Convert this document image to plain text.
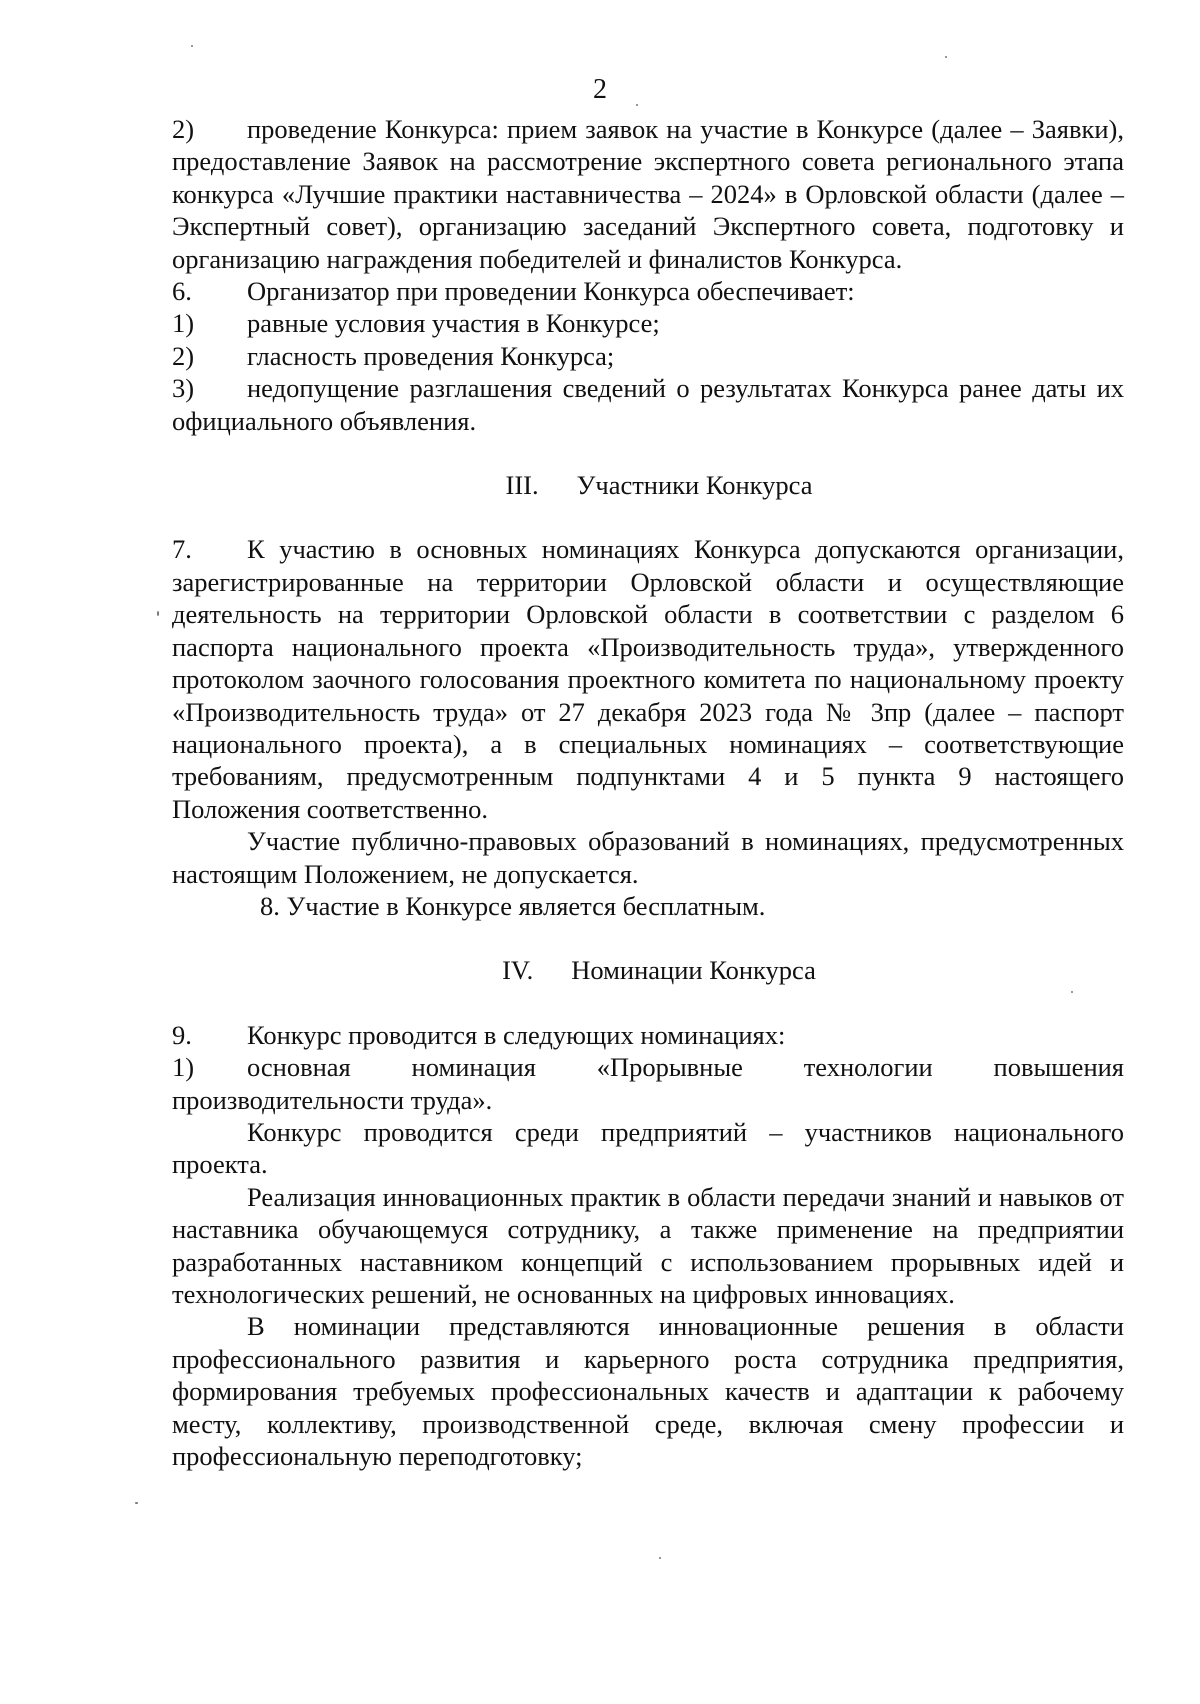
2

2) проведение Конкурса: прием заявок на участие в Конкурсе (далее – Заявки), предоставление Заявок на рассмотрение экспертного совета регионального этапа конкурса «Лучшие практики наставничества – 2024» в Орловской области (далее – Экспертный совет), организацию заседаний Экспертного совета, подготовку и организацию награждения победителей и финалистов Конкурса.

6. Организатор при проведении Конкурса обеспечивает:

1) равные условия участия в Конкурсе;

2) гласность проведения Конкурса;

3) недопущение разглашения сведений о результатах Конкурса ранее даты их официального объявления.

III. Участники Конкурса

7. К участию в основных номинациях Конкурса допускаются организации, зарегистрированные на территории Орловской области и осуществляющие деятельность на территории Орловской области в соответствии с разделом 6 паспорта национального проекта «Производительность труда», утвержденного протоколом заочного голосования проектного комитета по национальному проекту «Производительность труда» от 27 декабря 2023 года № 3пр (далее – паспорт национального проекта), а в специальных номинациях – соответствующие требованиям, предусмотренным подпунктами 4 и 5 пункта 9 настоящего Положения соответственно.

Участие публично-правовых образований в номинациях, предусмотренных настоящим Положением, не допускается.

8. Участие в Конкурсе является бесплатным.

IV. Номинации Конкурса

9. Конкурс проводится в следующих номинациях:

1) основная номинация «Прорывные технологии повышения производительности труда».

Конкурс проводится среди предприятий – участников национального проекта.

Реализация инновационных практик в области передачи знаний и навыков от наставника обучающемуся сотруднику, а также применение на предприятии разработанных наставником концепций с использованием прорывных идей и технологических решений, не основанных на цифровых инновациях.

В номинации представляются инновационные решения в области профессионального развития и карьерного роста сотрудника предприятия, формирования требуемых профессиональных качеств и адаптации к рабочему месту, коллективу, производственной среде, включая смену профессии и профессиональную переподготовку;
